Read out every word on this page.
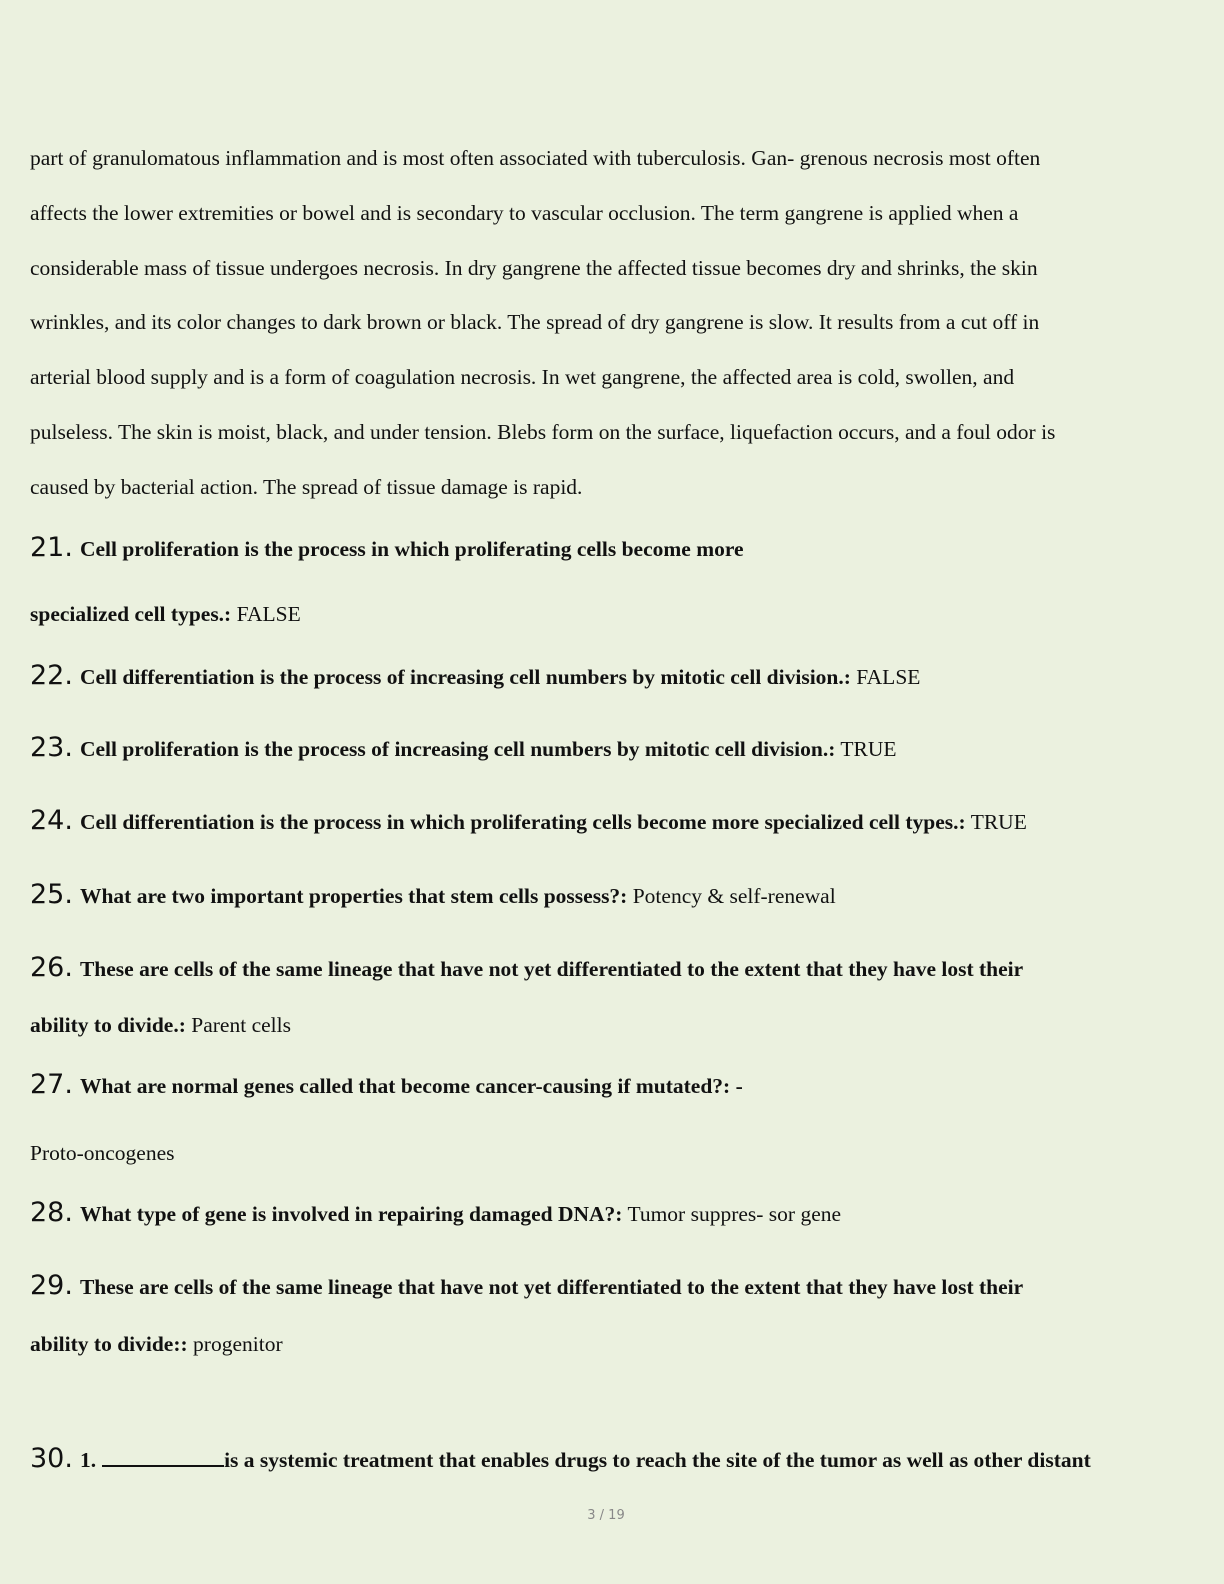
part of granulomatous inflammation and is most often associated with tuberculosis. Gan- grenous necrosis most often
affects the lower extremities or bowel and is secondary to vascular occlusion. The term gangrene is applied when a
considerable mass of tissue undergoes necrosis. In dry gangrene the affected tissue becomes dry and shrinks, the skin
wrinkles, and its color changes to dark brown or black. The spread of dry gangrene is slow. It results from a cut off in
arterial blood supply and is a form of coagulation necrosis. In wet gangrene, the affected area is cold, swollen, and
pulseless. The skin is moist, black, and under tension. Blebs form on the surface, liquefaction occurs, and a foul odor is
caused by bacterial action. The spread of tissue damage is rapid.
21. Cell proliferation is the process in which proliferating cells become more
specialized cell types.: FALSE
22. Cell differentiation is the process of increasing cell numbers by mitotic cell division.: FALSE
23. Cell proliferation is the process of increasing cell numbers by mitotic cell division.: TRUE
24. Cell differentiation is the process in which proliferating cells become more specialized cell types.: TRUE
25. What are two important properties that stem cells possess?: Potency & self-renewal
26. These are cells of the same lineage that have not yet differentiated to the extent that they have lost their
ability to divide.: Parent cells
27. What are normal genes called that become cancer-causing if mutated?: -
Proto-oncogenes
28. What type of gene is involved in repairing damaged DNA?: Tumor suppres- sor gene
29. These are cells of the same lineage that have not yet differentiated to the extent that they have lost their
ability to divide:: progenitor
30. 1.	is a systemic treatment that enables drugs to reach the site of the tumor as well as other distant
3 / 19
